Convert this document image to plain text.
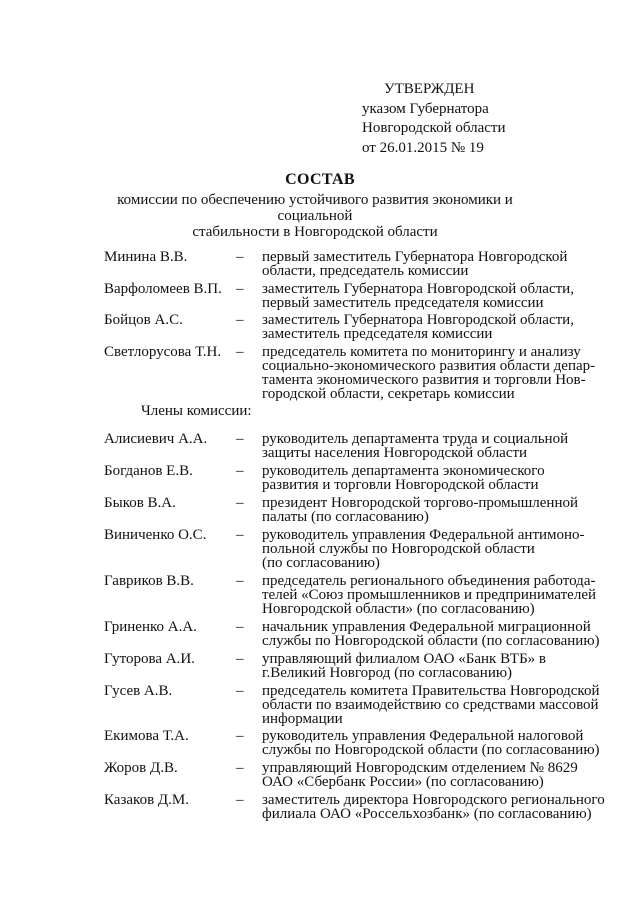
УТВЕРЖДЕН
указом Губернатора
Новгородской области
от 26.01.2015 № 19
СОСТАВ
комиссии по обеспечению устойчивого развития экономики и социальной
стабильности в Новгородской области
Минина В.В.	– первый заместитель Губернатора Новгородской
области, председатель комиссии
Варфоломеев В.П. – заместитель Губернатора Новгородской области,
первый заместитель председателя комиссии
Бойцов А.С.	– заместитель Губернатора Новгородской области,
заместитель председателя комиссии
Светлорусова Т.Н. – председатель комитета по мониторингу и анализу
социально-экономического развития области депар-
тамента экономического развития и торговли Нов-
городской области, секретарь комиссии
Члены комиссии:
Алисиевич А.А. – руководитель департамента труда и социальной
защиты населения Новгородской области
Богданов Е.В.	– руководитель департамента экономического
развития и торговли Новгородской области
Быков В.А.	– президент Новгородской торгово-промышленной
палаты (по согласованию)
Виниченко О.С. – руководитель управления Федеральной антимоно-
польной службы по Новгородской области
(по согласованию)
Гавриков В.В.	– председатель регионального объединения работода-
телей «Союз промышленников и предпринимателей
Новгородской области» (по согласованию)
Гриненко А.А.	– начальник управления Федеральной миграционной
службы по Новгородской области (по согласованию)
Гуторова А.И.	– управляющий филиалом ОАО «Банк ВТБ» в
г.Великий Новгород (по согласованию)
Гусев А.В.	– председатель комитета Правительства Новгородской
области по взаимодействию со средствами массовой
информации
Екимова Т.А.	– руководитель управления Федеральной налоговой
службы по Новгородской области (по согласованию)
Жоров Д.В.	– управляющий Новгородским отделением № 8629
ОАО «Сбербанк России» (по согласованию)
Казаков Д.М.	– заместитель директора Новгородского регионального
филиала ОАО «Россельхозбанк» (по согласованию)
